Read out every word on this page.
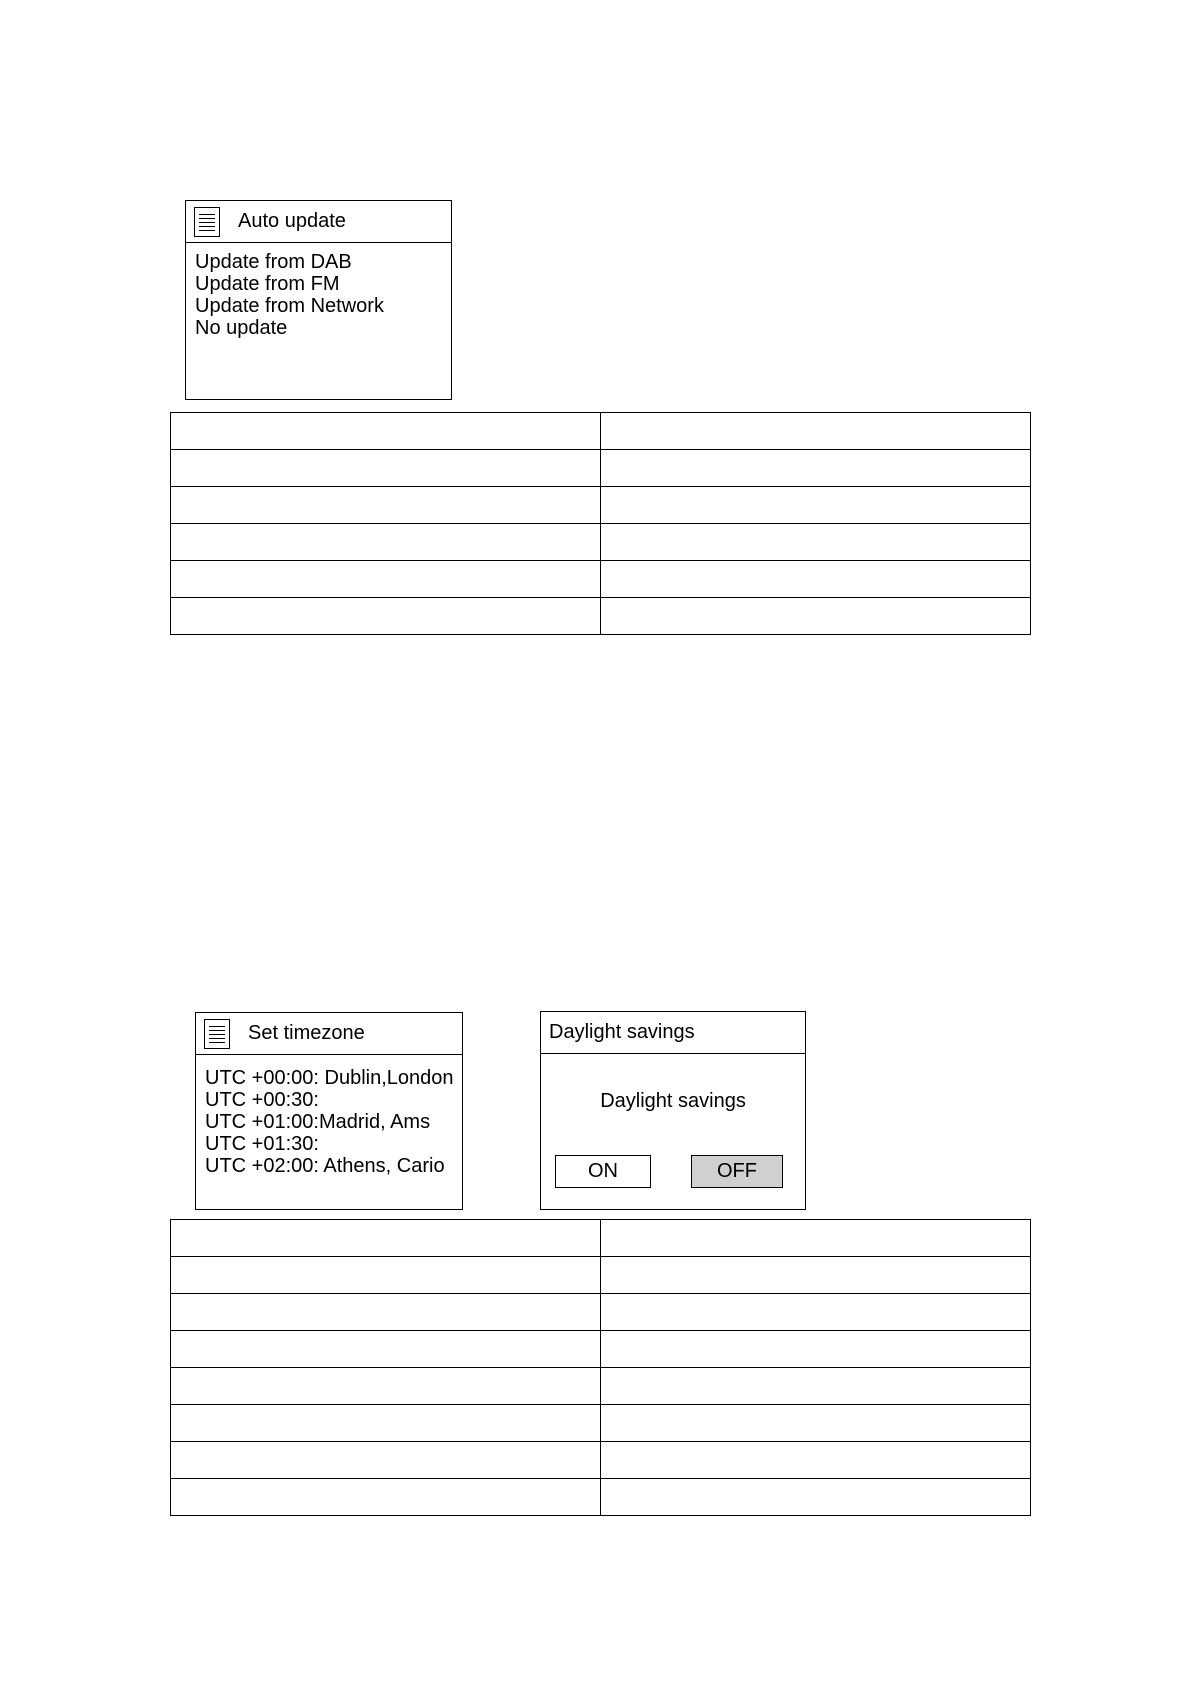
Auto update
Update from DAB
Update from FM
Update from Network
No update

Set timezone
UTC +00:00: Dublin,London
UTC +00:30:
UTC +01:00:Madrid, Ams
UTC +01:30:
UTC +02:00: Athens, Cario
Daylight savings
Daylight savings
ON	OFF
